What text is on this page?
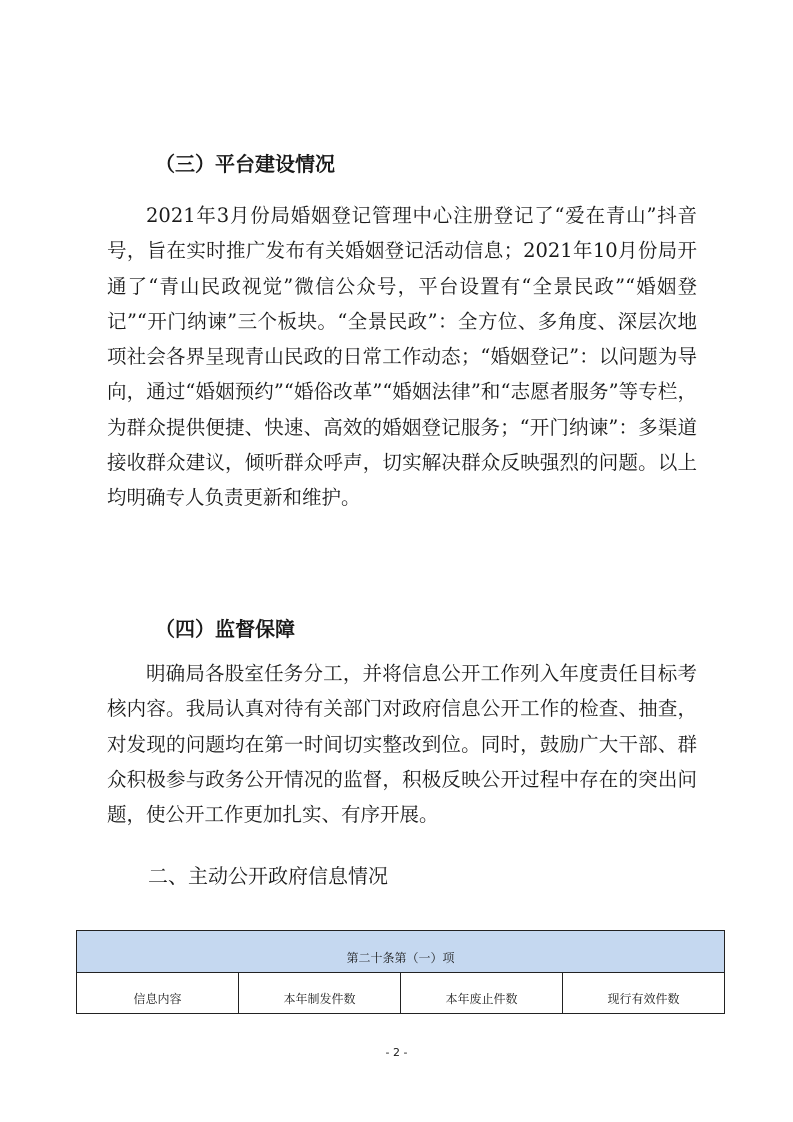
（三）平台建设情况
2021年3月份局婚姻登记管理中心注册登记了“爱在青山”抖音号，旨在实时推广发布有关婚姻登记活动信息；2021年10月份局开通了“青山民政视觉”微信公众号，平台设置有“全景民政”“婚姻登记”“开门纳谏”三个板块。“全景民政”：全方位、多角度、深层次地项社会各界呈现青山民政的日常工作动态；“婚姻登记”：以问题为导向，通过“婚姻预约”“婚俗改革”“婚姻法律”和“志愿者服务”等专栏，为群众提供便捷、快速、高效的婚姻登记服务；“开门纳谏”：多渠道接收群众建议，倾听群众呼声，切实解决群众反映强烈的问题。以上均明确专人负责更新和维护。
（四）监督保障
明确局各股室任务分工，并将信息公开工作列入年度责任目标考核内容。我局认真对待有关部门对政府信息公开工作的检查、抽查，对发现的问题均在第一时间切实整改到位。同时，鼓励广大干部、群众积极参与政务公开情况的监督，积极反映公开过程中存在的突出问题，使公开工作更加扎实、有序开展。
二、主动公开政府信息情况
第二十条第（一）项
信息内容	本年制发件数	本年废止件数	现行有效件数
- 2 -
